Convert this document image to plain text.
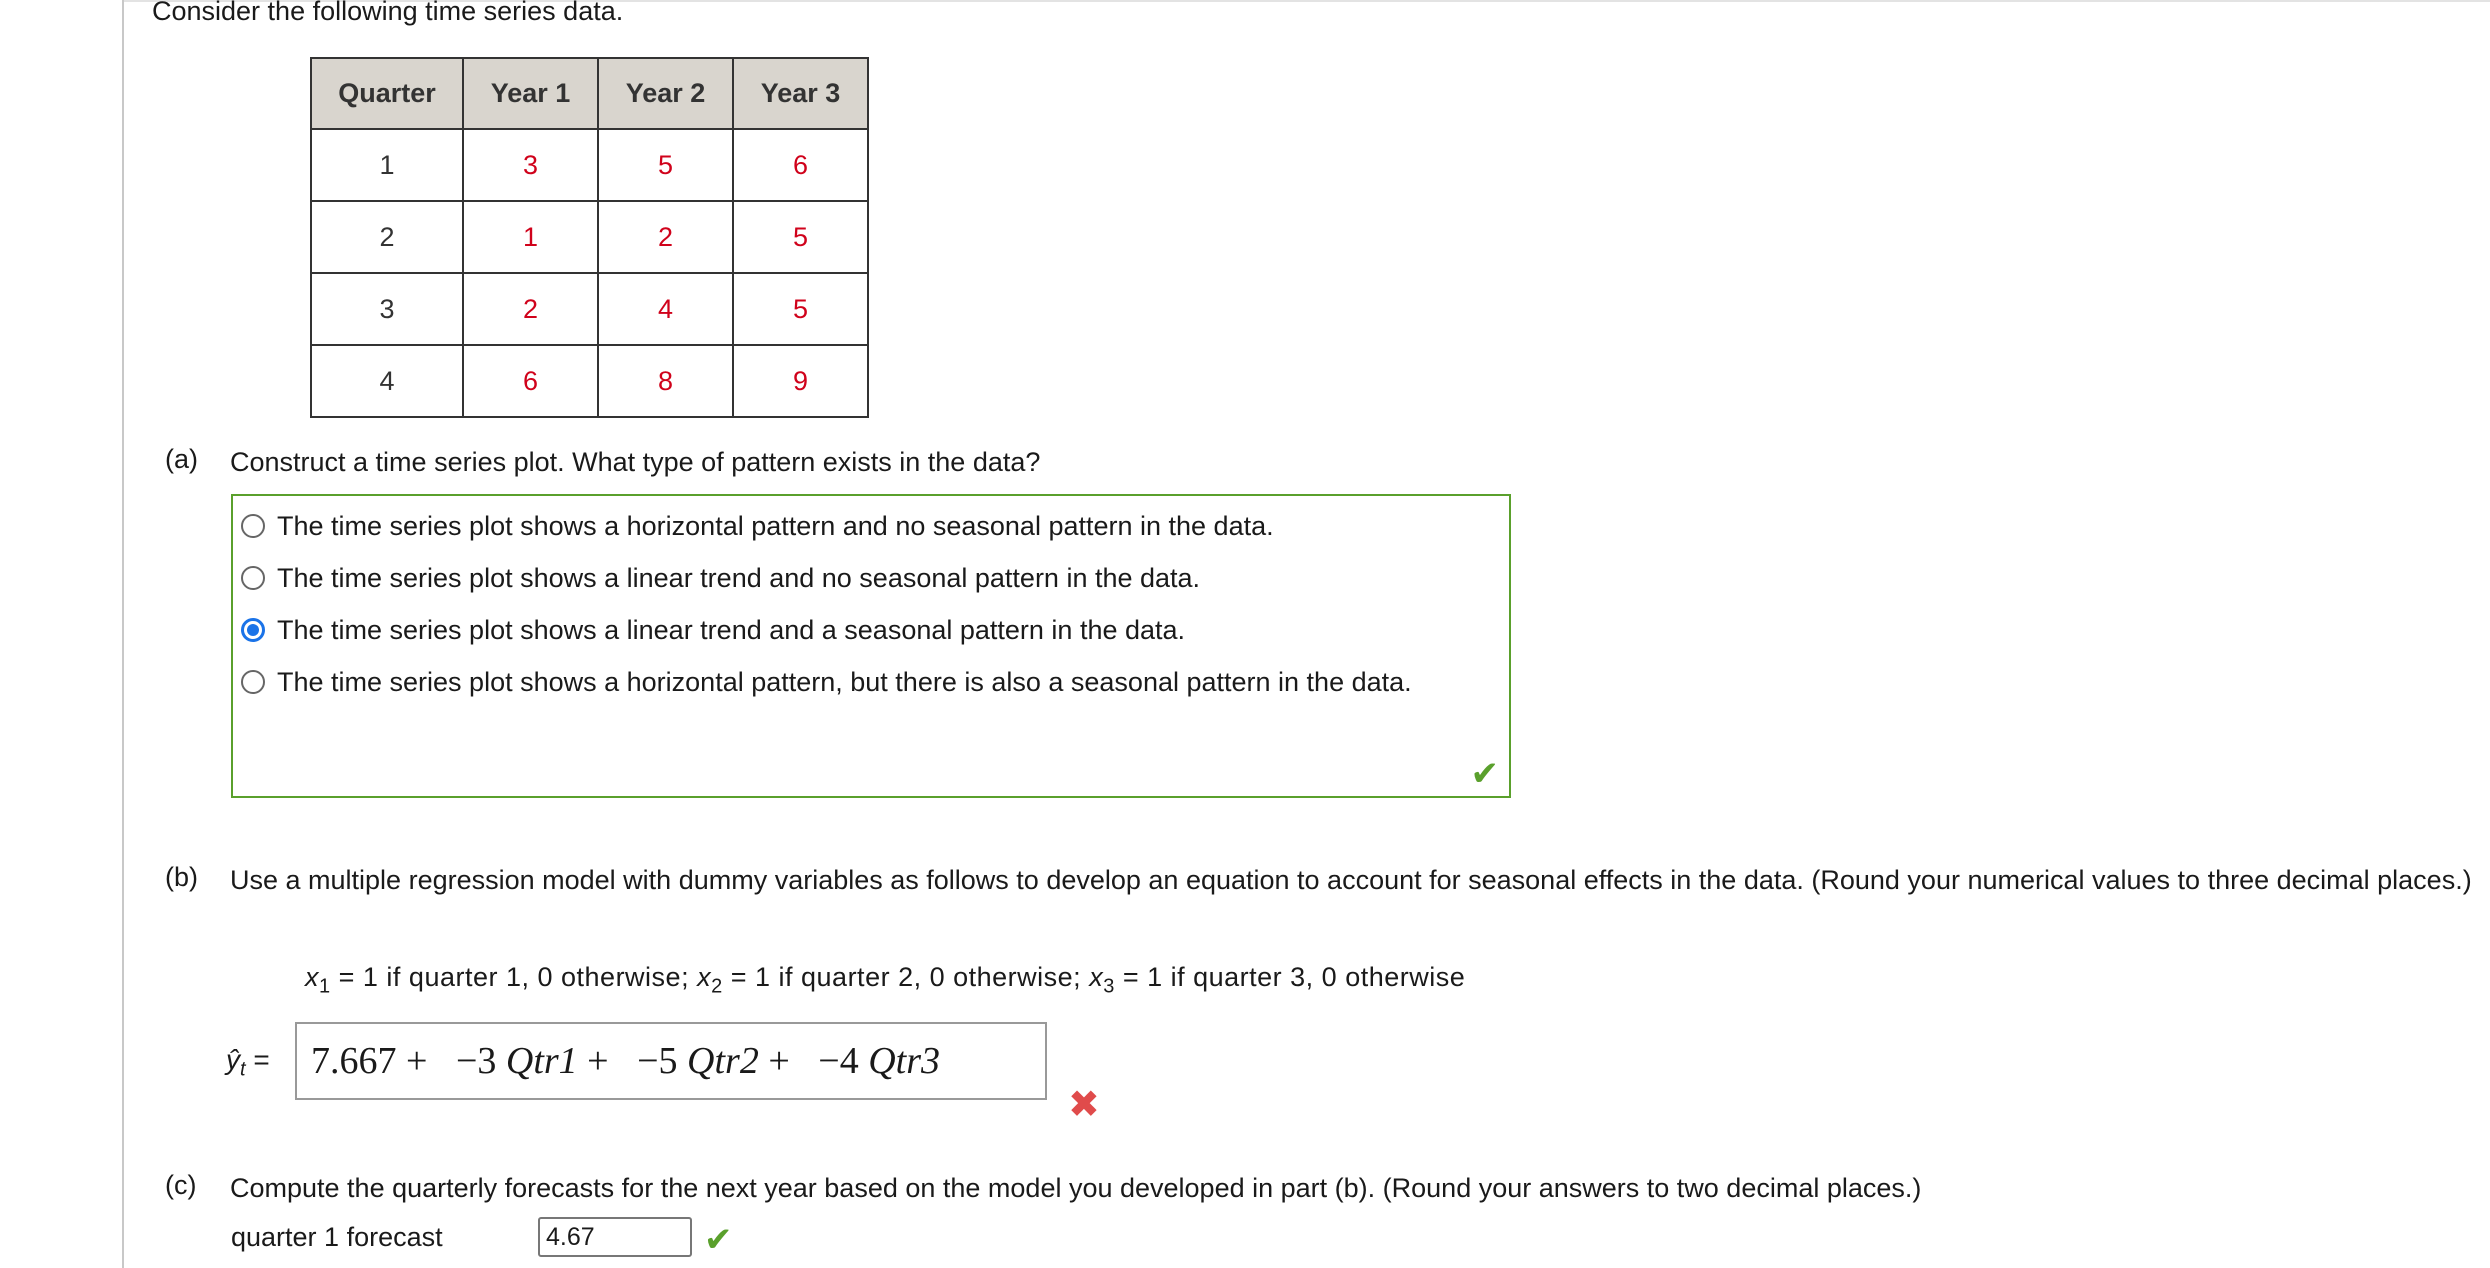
Consider the following time series data.
Quarter	Year 1	Year 2	Year 3
1	3	5	6
2	1	2	5
3	2	4	5
4	6	8	9
(a) Construct a time series plot. What type of pattern exists in the data?
The time series plot shows a horizontal pattern and no seasonal pattern in the data.
The time series plot shows a linear trend and no seasonal pattern in the data.
The time series plot shows a linear trend and a seasonal pattern in the data.
The time series plot shows a horizontal pattern, but there is also a seasonal pattern in the data.
✔
(b) Use a multiple regression model with dummy variables as follows to develop an equation to account for seasonal effects in the data. (Round your numerical values to three decimal places.)
$x_1 = 1$ if quarter 1, 0 otherwise; $x_2 = 1$ if quarter 2, 0 otherwise; $x_3 = 1$ if quarter 3, 0 otherwise
$ŷ_t$ =	7.667 +   −3 Qtr1 +   −5 Qtr2 +   −4 Qtr3
✖
(c) Compute the quarterly forecasts for the next year based on the model you developed in part (b). (Round your answers to two decimal places.)
quarter 1 forecast	4.67	✔
